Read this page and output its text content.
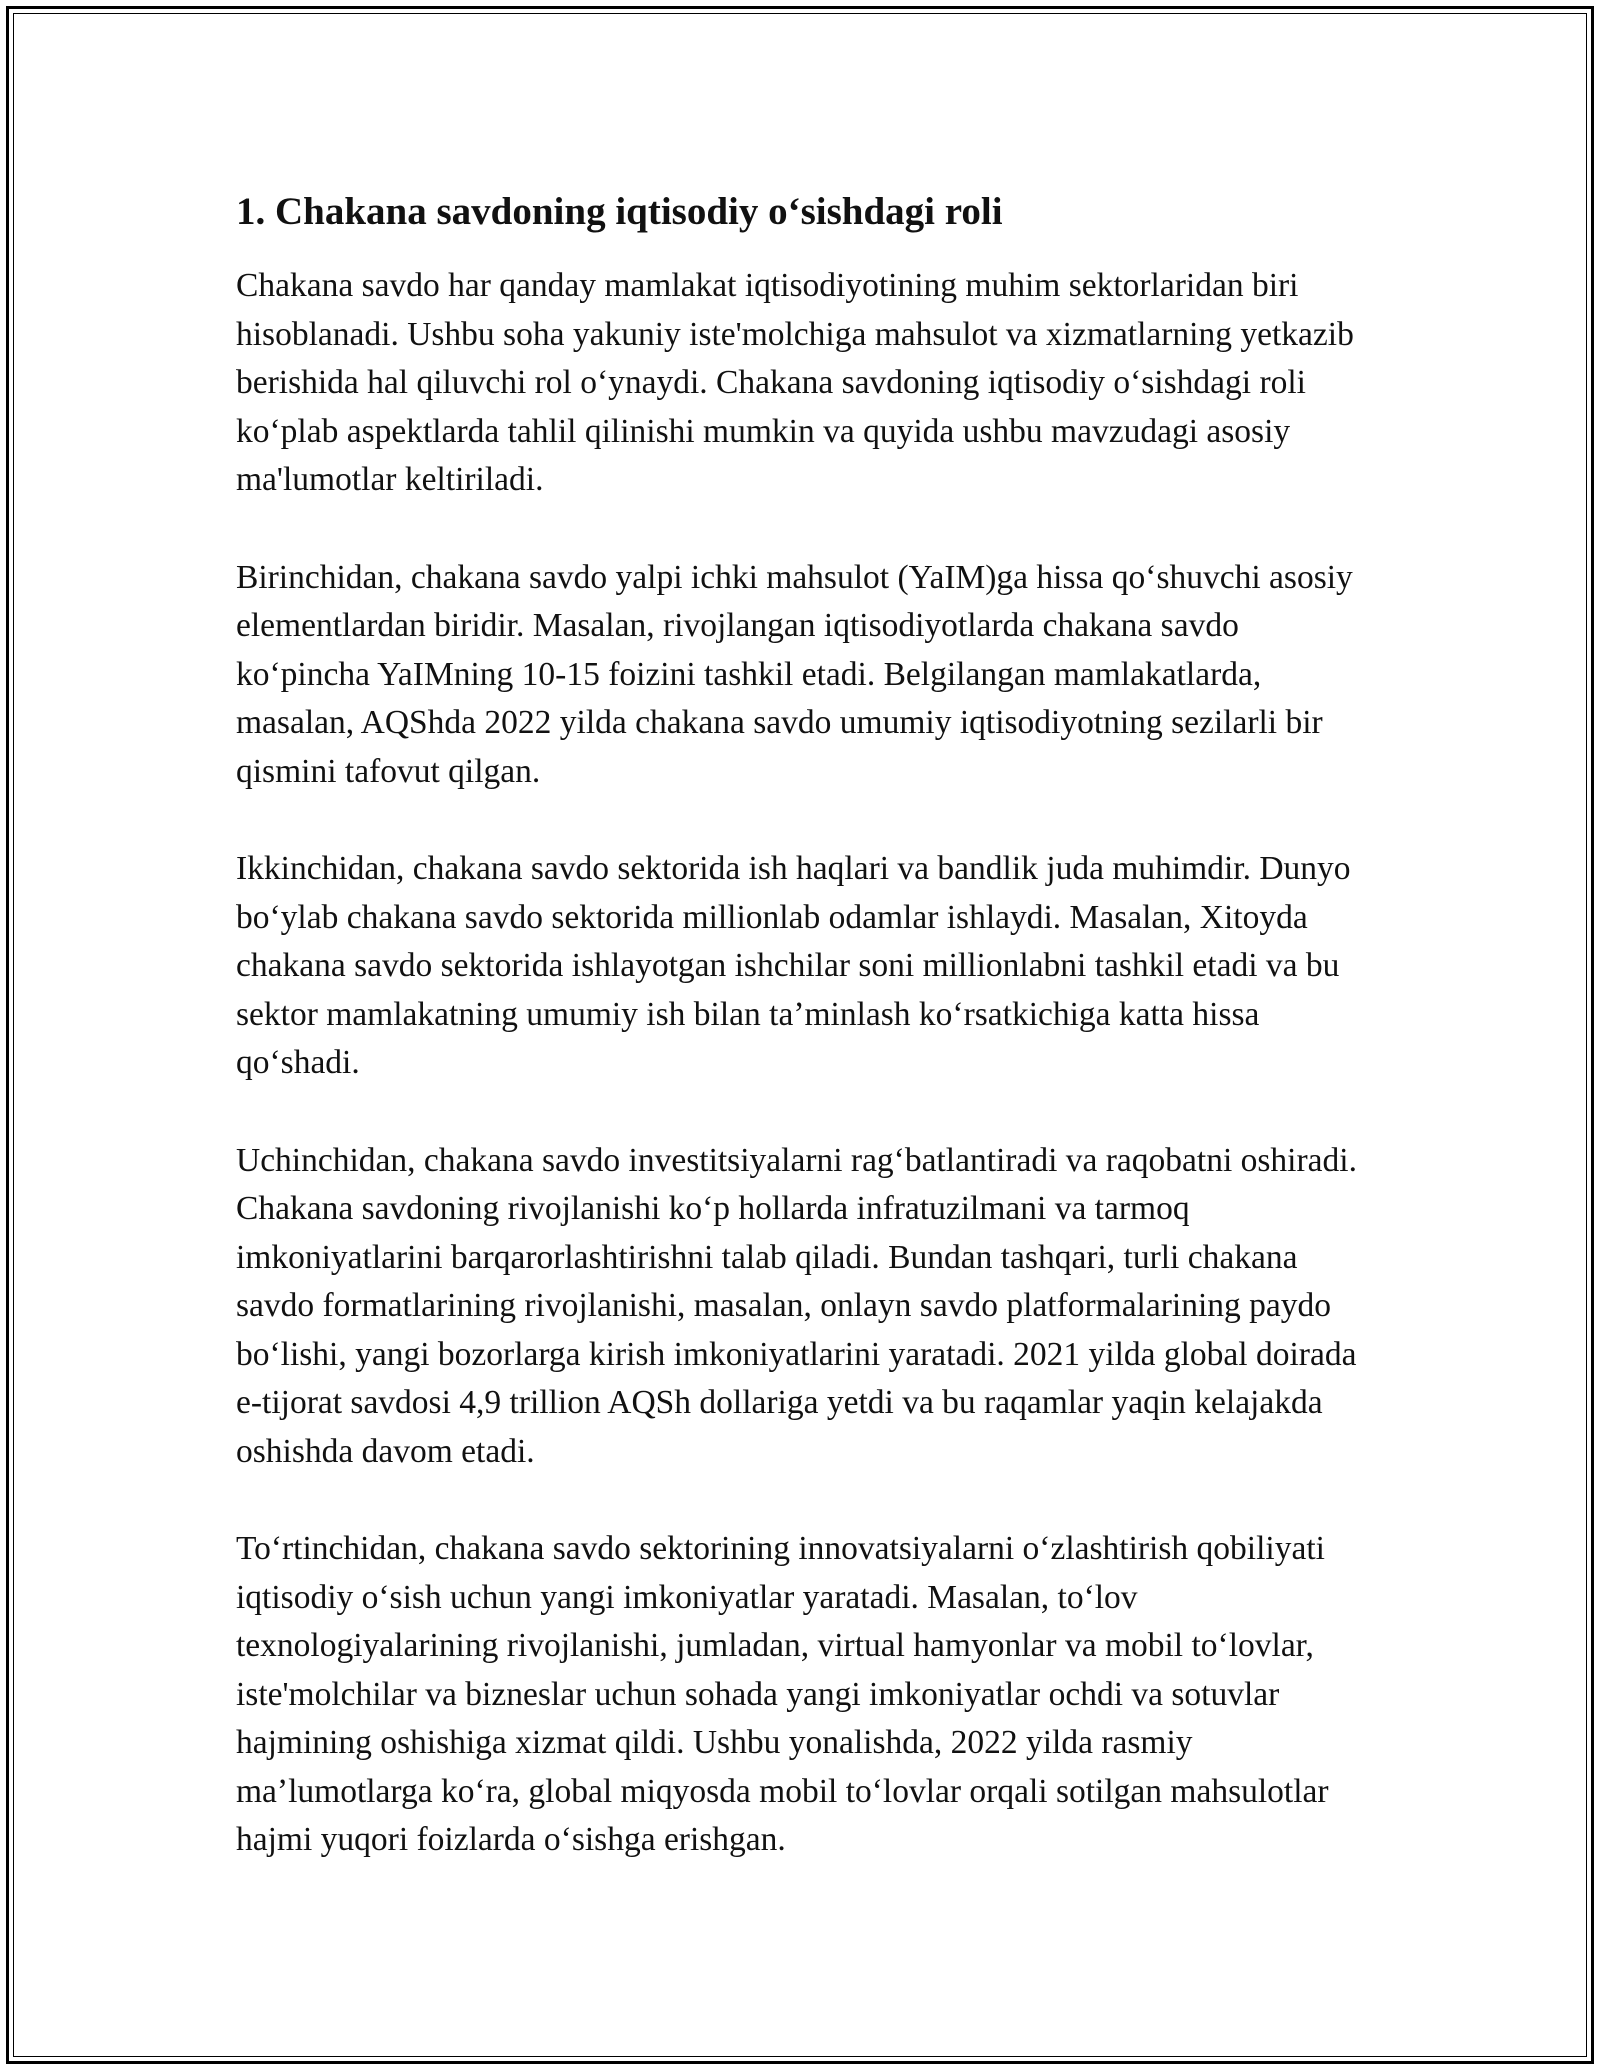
1. Chakana savdoning iqtisodiy oʻsishdagi roli

Chakana savdo har qanday mamlakat iqtisodiyotining muhim sektorlaridan biri hisoblanadi. Ushbu soha yakuniy iste'molchiga mahsulot va xizmatlarning yetkazib berishida hal qiluvchi rol oʻynaydi. Chakana savdoning iqtisodiy oʻsishdagi roli koʻplab aspektlarda tahlil qilinishi mumkin va quyida ushbu mavzudagi asosiy ma'lumotlar keltiriladi.

Birinchidan, chakana savdo yalpi ichki mahsulot (YaIM)ga hissa qoʻshuvchi asosiy elementlardan biridir. Masalan, rivojlangan iqtisodiyotlarda chakana savdo koʻpincha YaIMning 10-15 foizini tashkil etadi. Belgilangan mamlakatlarda, masalan, AQShda 2022 yilda chakana savdo umumiy iqtisodiyotning sezilarli bir qismini tafovut qilgan.

Ikkinchidan, chakana savdo sektorida ish haqlari va bandlik juda muhimdir. Dunyo boʻylab chakana savdo sektorida millionlab odamlar ishlaydi. Masalan, Xitoyda chakana savdo sektorida ishlayotgan ishchilar soni millionlabni tashkil etadi va bu sektor mamlakatning umumiy ish bilan taʼminlash koʻrsatkichiga katta hissa qoʻshadi.

Uchinchidan, chakana savdo investitsiyalarni ragʻbatlantiradi va raqobatni oshiradi. Chakana savdoning rivojlanishi koʻp hollarda infratuzilmani va tarmoq imkoniyatlarini barqarorlashtirishni talab qiladi. Bundan tashqari, turli chakana savdo formatlarining rivojlanishi, masalan, onlayn savdo platformalarining paydo boʻlishi, yangi bozorlarga kirish imkoniyatlarini yaratadi. 2021 yilda global doirada e-tijorat savdosi 4,9 trillion AQSh dollariga yetdi va bu raqamlar yaqin kelajakda oshishda davom etadi.

Toʻrtinchidan, chakana savdo sektorining innovatsiyalarni oʻzlashtirish qobiliyati iqtisodiy oʻsish uchun yangi imkoniyatlar yaratadi. Masalan, toʻlov texnologiyalarining rivojlanishi, jumladan, virtual hamyonlar va mobil toʻlovlar, iste'molchilar va bizneslar uchun sohada yangi imkoniyatlar ochdi va sotuvlar hajmining oshishiga xizmat qildi. Ushbu yonalishda, 2022 yilda rasmiy maʼlumotlarga koʻra, global miqyosda mobil toʻlovlar orqali sotilgan mahsulotlar hajmi yuqori foizlarda oʻsishga erishgan.
